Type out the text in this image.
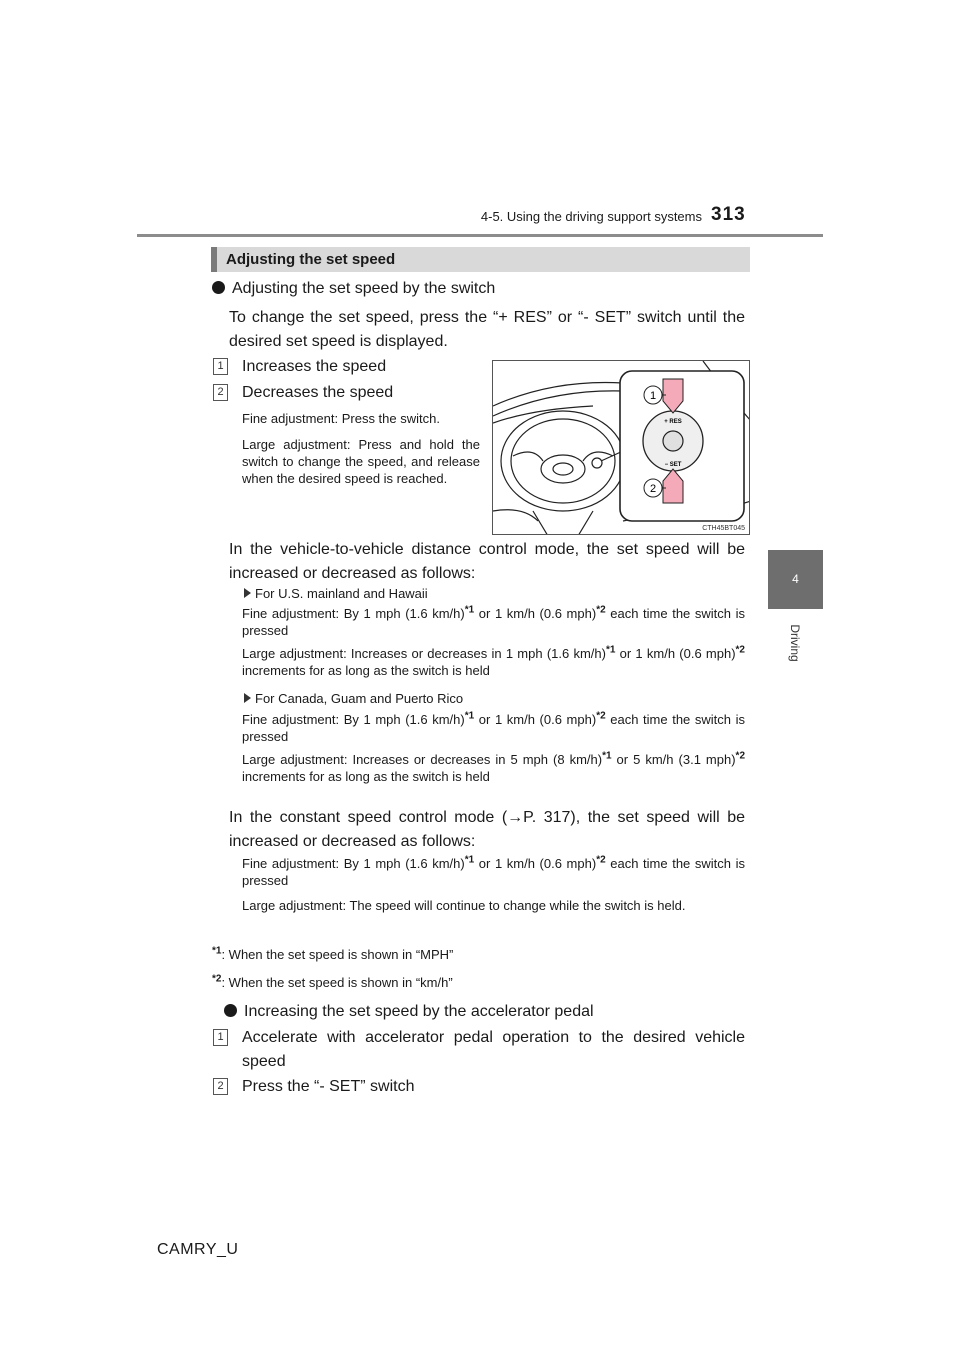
4-5. Using the driving support systems 313
4
Driving
Adjusting the set speed
Adjusting the set speed by the switch
To change the set speed, press the “+ RES” or “- SET” switch until the desired set speed is displayed.
1 Increases the speed
2 Decreases the speed
Fine adjustment: Press the switch.
Large adjustment: Press and hold the switch to change the speed, and release when the desired speed is reached.
1
2
+ RES
− SET
CTH45BT045
In the vehicle-to-vehicle distance control mode, the set speed will be increased or decreased as follows:
For U.S. mainland and Hawaii
Fine adjustment: By 1 mph (1.6 km/h)$^{*1}$ or 1 km/h (0.6 mph)$^{*2}$ each time the switch is pressed
Large adjustment: Increases or decreases in 1 mph (1.6 km/h)$^{*1}$ or 1 km/h (0.6 mph)$^{*2}$ increments for as long as the switch is held
For Canada, Guam and Puerto Rico
Fine adjustment: By 1 mph (1.6 km/h)$^{*1}$ or 1 km/h (0.6 mph)$^{*2}$ each time the switch is pressed
Large adjustment: Increases or decreases in 5 mph (8 km/h)$^{*1}$ or 5 km/h (3.1 mph)$^{*2}$ increments for as long as the switch is held
In the constant speed control mode (→P. 317), the set speed will be increased or decreased as follows:
Fine adjustment: By 1 mph (1.6 km/h)$^{*1}$ or 1 km/h (0.6 mph)$^{*2}$ each time the switch is pressed
Large adjustment: The speed will continue to change while the switch is held.
$^{*1}$: When the set speed is shown in “MPH”
$^{*2}$: When the set speed is shown in “km/h”
Increasing the set speed by the accelerator pedal
1 Accelerate with accelerator pedal operation to the desired vehicle speed
2 Press the “- SET” switch
CAMRY_U
